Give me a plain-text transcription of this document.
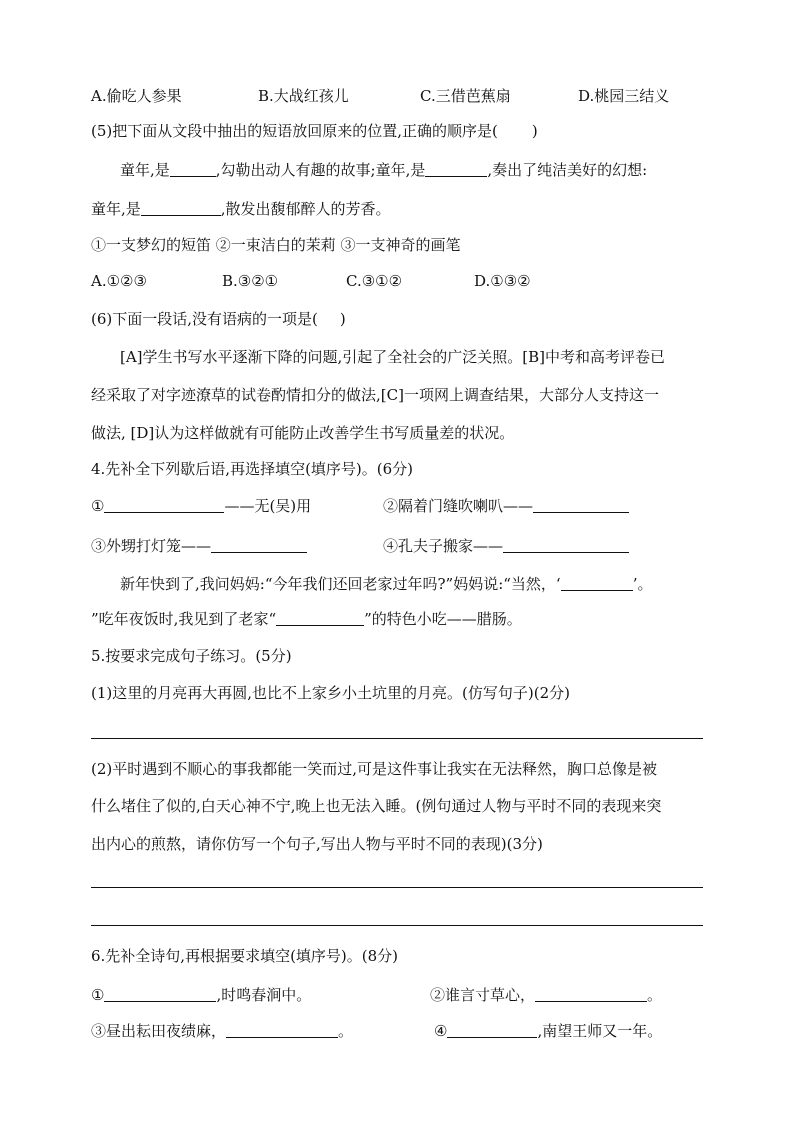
A.偷吃人参果	B.大战红孩儿	C.三借芭蕉扇	D.桃园三结义
(5)把下面从文段中抽出的短语放回原来的位置,正确的顺序是( )
童年,是	,勾勒出动人有趣的故事;童年,是	,奏出了纯洁美好的幻想:
童年,是	,散发出馥郁醉人的芳香。
①一支梦幻的短笛 ②一束洁白的茉莉 ③一支神奇的画笔
A.①②③	B.③②①	C.③①②	D.①③②
(6)下面一段话,没有语病的一项是( )
[A]学生书写水平逐渐下降的问题,引起了全社会的广泛关照。[B]中考和高考评卷已
经采取了对字迹潦草的试卷酌情扣分的做法,[C]一项网上调查结果，大部分人支持这一
做法, [D]认为这样做就有可能防止改善学生书写质量差的状况。
4.先补全下列歇后语,再选择填空(填序号)。(6分)
①	——无(吴)用	②隔着门缝吹喇叭——
③外甥打灯笼——	④孔夫子搬家——
新年快到了,我问妈妈:“今年我们还回老家过年吗?”妈妈说:“当然，‘	’。
”吃年夜饭时,我见到了老家“	”的特色小吃——腊肠。
5.按要求完成句子练习。(5分)
(1)这里的月亮再大再圆,也比不上家乡小土坑里的月亮。(仿写句子)(2分)
(2)平时遇到不顺心的事我都能一笑而过,可是这件事让我实在无法释然，胸口总像是被
什么堵住了似的,白天心神不宁,晚上也无法入睡。(例句通过人物与平时不同的表现来突
出内心的煎熬，请你仿写一个句子,写出人物与平时不同的表现)(3分)
6.先补全诗句,再根据要求填空(填序号)。(8分)
①	,时鸣春涧中。	②谁言寸草心，	。
③昼出耘田夜绩麻，	。	④	,南望王师又一年。
